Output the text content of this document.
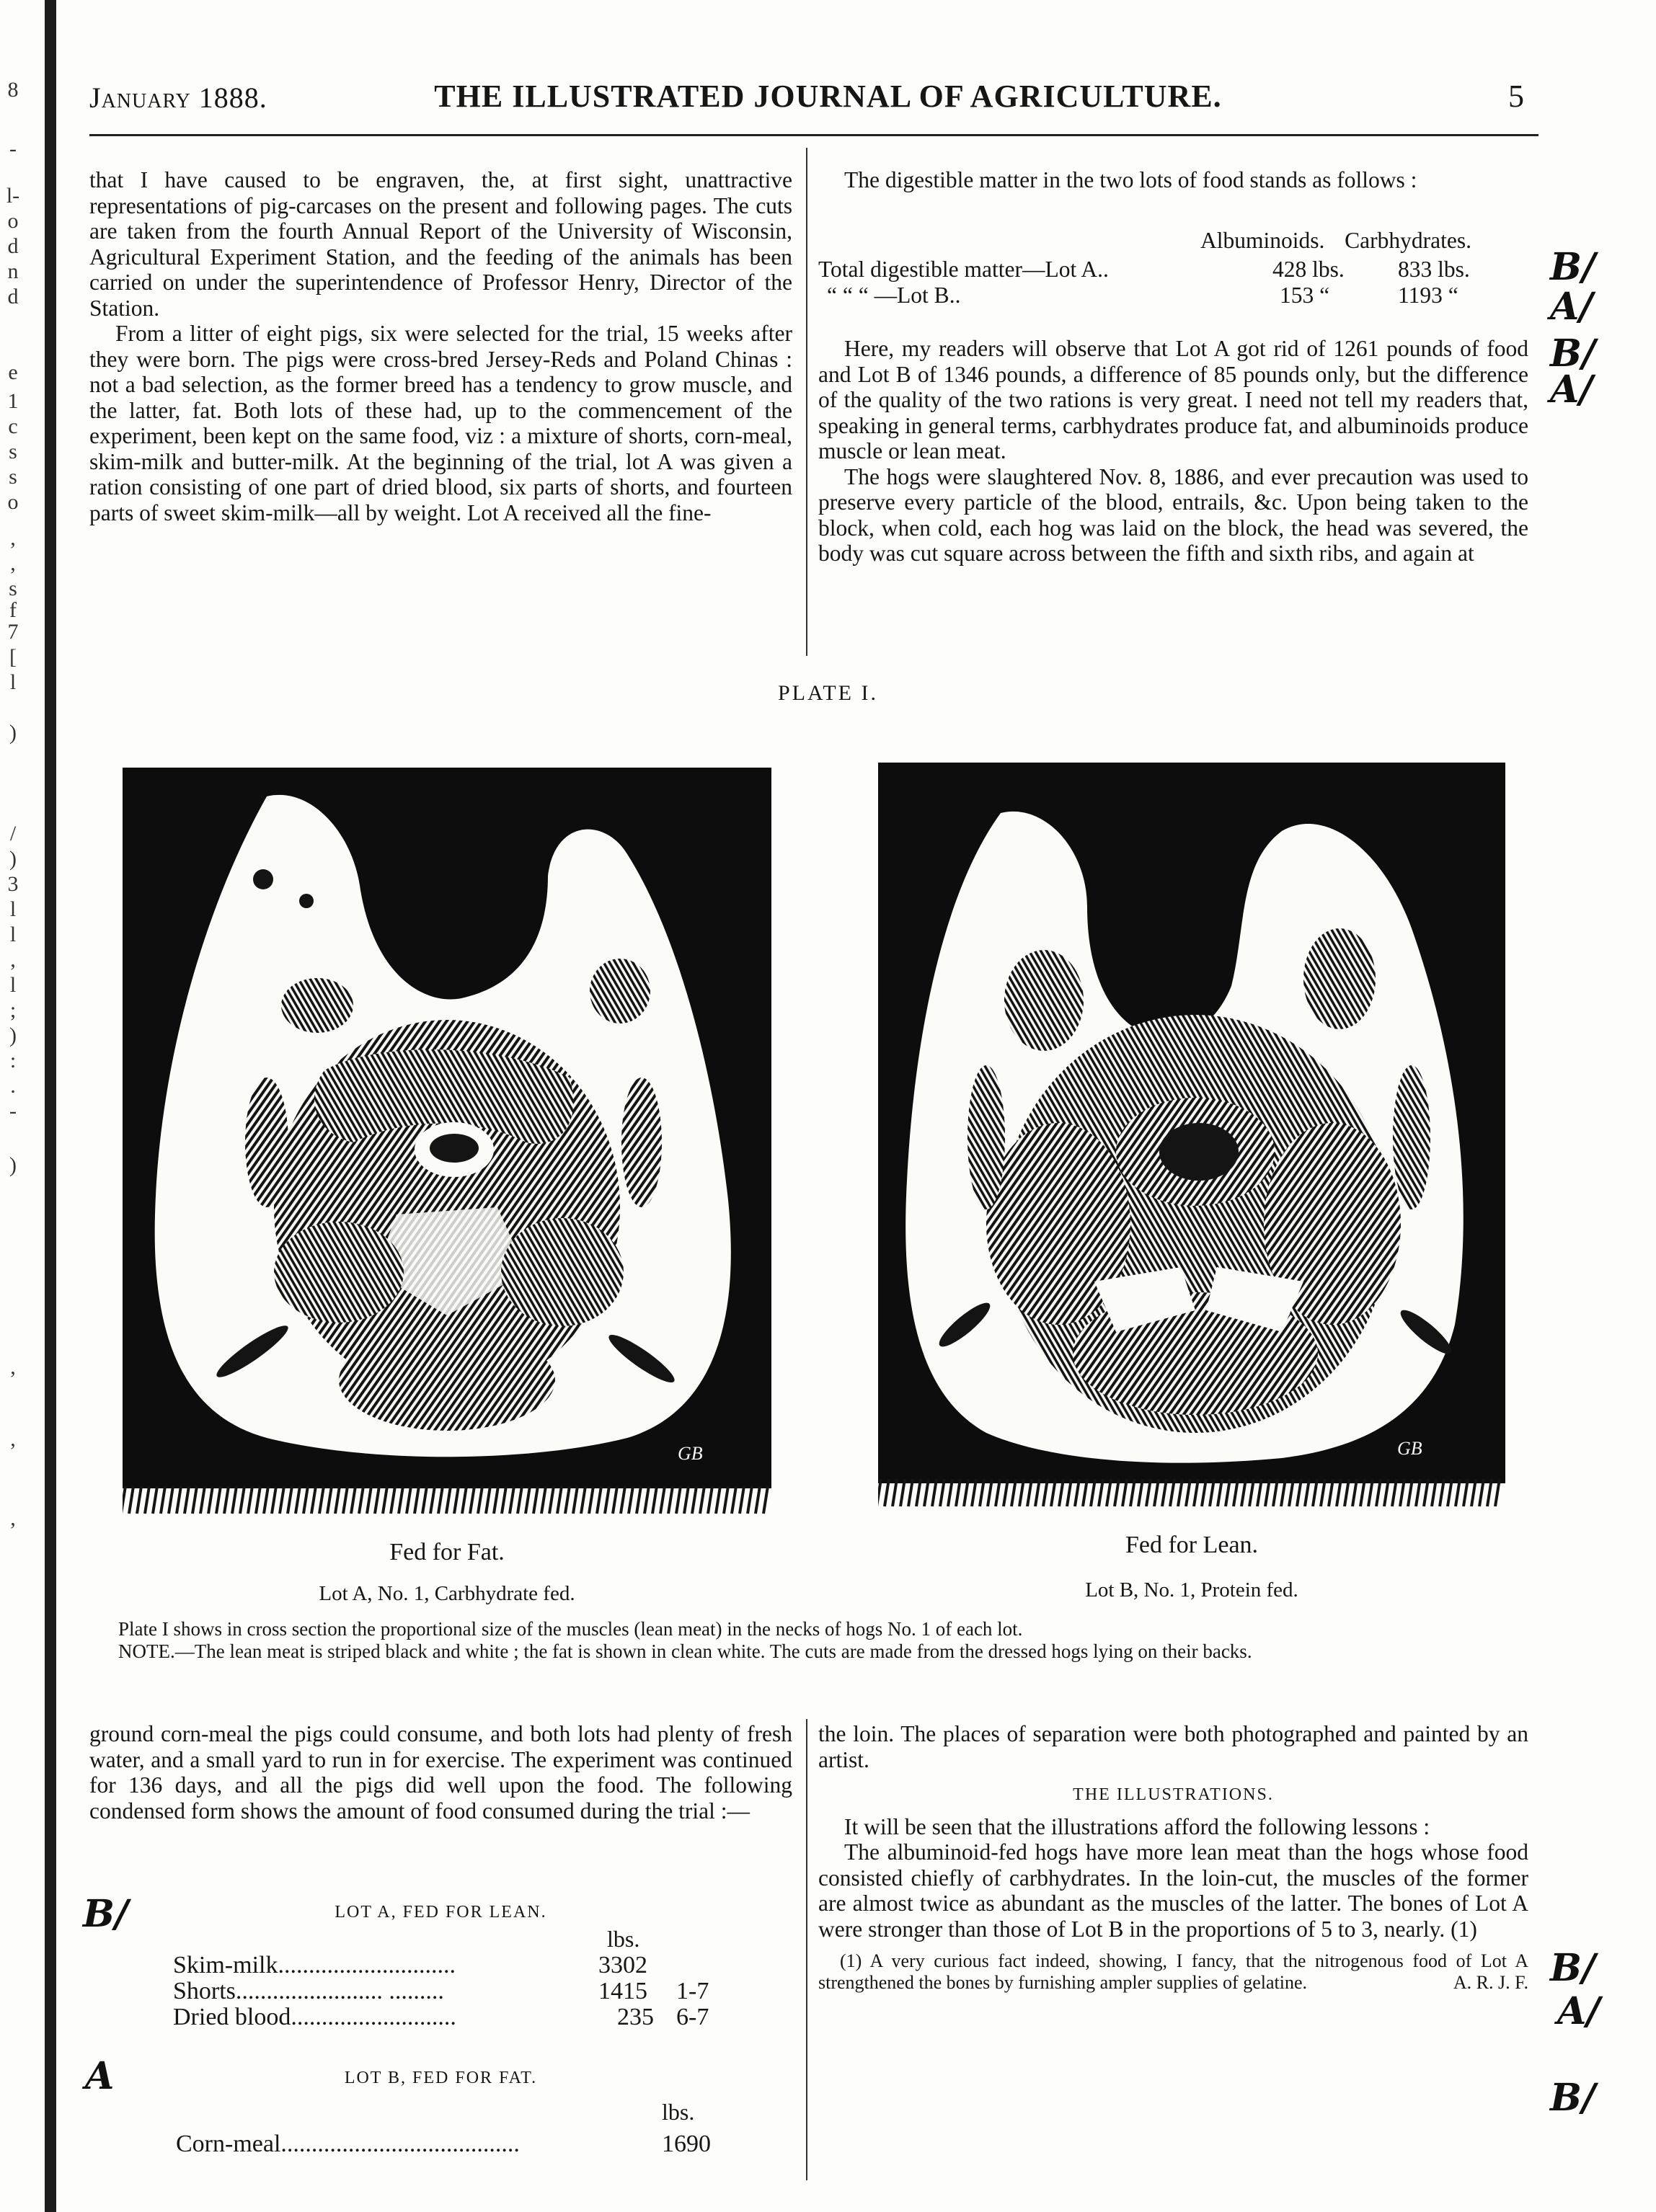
8
-
l-
o
d
n
d
e
1
c
s
s
o
,
,
s
f
7
[
l
)
/
)
3
l
l
,
l
;
)
:
.
-
)
,
,
,
January 1888.	THE ILLUSTRATED JOURNAL OF AGRICULTURE.	5

that I have caused to be engraven, the, at first sight, unattractive representations of pig-carcases on the present and following pages. The cuts are taken from the fourth Annual Report of the University of Wisconsin, Agricultural Experiment Station, and the feeding of the animals has been carried on under the superintendence of Professor Henry, Director of the Station.

From a litter of eight pigs, six were selected for the trial, 15 weeks after they were born. The pigs were cross-bred Jersey-Reds and Poland Chinas : not a bad selection, as the former breed has a tendency to grow muscle, and the latter, fat. Both lots of these had, up to the commencement of the experiment, been kept on the same food, viz : a mixture of shorts, corn-meal, skim-milk and butter-milk. At the beginning of the trial, lot A was given a ration consisting of one part of dried blood, six parts of shorts, and fourteen parts of sweet skim-milk—all by weight. Lot A received all the fine-

The digestible matter in the two lots of food stands as follows :

Albuminoids. Carbhydrates.
Total digestible matter—Lot A..	428 lbs. 833 lbs.
“ “ “ —Lot B..	153 “	1193 “

Here, my readers will observe that Lot A got rid of 1261 pounds of food and Lot B of 1346 pounds, a difference of 85 pounds only, but the difference of the quality of the two rations is very great. I need not tell my readers that, speaking in general terms, carbhydrates produce fat, and albuminoids produce muscle or lean meat.

The hogs were slaughtered Nov. 8, 1886, and ever precaution was used to preserve every particle of the blood, entrails, &c. Upon being taken to the block, when cold, each hog was laid on the block, the head was severed, the body was cut square across between the fifth and sixth ribs, and again at

B/
A/
B/
A/
PLATE I.
GB	GB
Fed for Fat.
Lot A, No. 1, Carbhydrate fed.
Fed for Lean.
Lot B, No. 1, Protein fed.

Plate I shows in cross section the proportional size of the muscles (lean meat) in the necks of hogs No. 1 of each lot.

NOTE.—The lean meat is striped black and white ; the fat is shown in clean white. The cuts are made from the dressed hogs lying on their backs.

ground corn-meal the pigs could consume, and both lots had plenty of fresh water, and a small yard to run in for exercise. The experiment was continued for 136 days, and all the pigs did well upon the food. The following condensed form shows the amount of food consumed during the trial :—

LOT A, FED FOR LEAN.
lbs.
Skim-milk.............................	3302
Shorts........................ .........	1415 1-7
Dried blood...........................	235 6-7
LOT B, FED FOR FAT.
lbs.
Corn-meal.......................................	1690
B/
A

the loin. The places of separation were both photographed and painted by an artist.

THE ILLUSTRATIONS.

It will be seen that the illustrations afford the following lessons :

The albuminoid-fed hogs have more lean meat than the hogs whose food consisted chiefly of carbhydrates. In the loin-cut, the muscles of the former are almost twice as abundant as the muscles of the latter. The bones of Lot A were stronger than those of Lot B in the proportions of 5 to 3, nearly. (1)

(1) A very curious fact indeed, showing, I fancy, that the nitrogenous food of Lot A strengthened the bones by furnishing ampler supplies of gelatine.	A. R. J. F. B/
A/
B/
